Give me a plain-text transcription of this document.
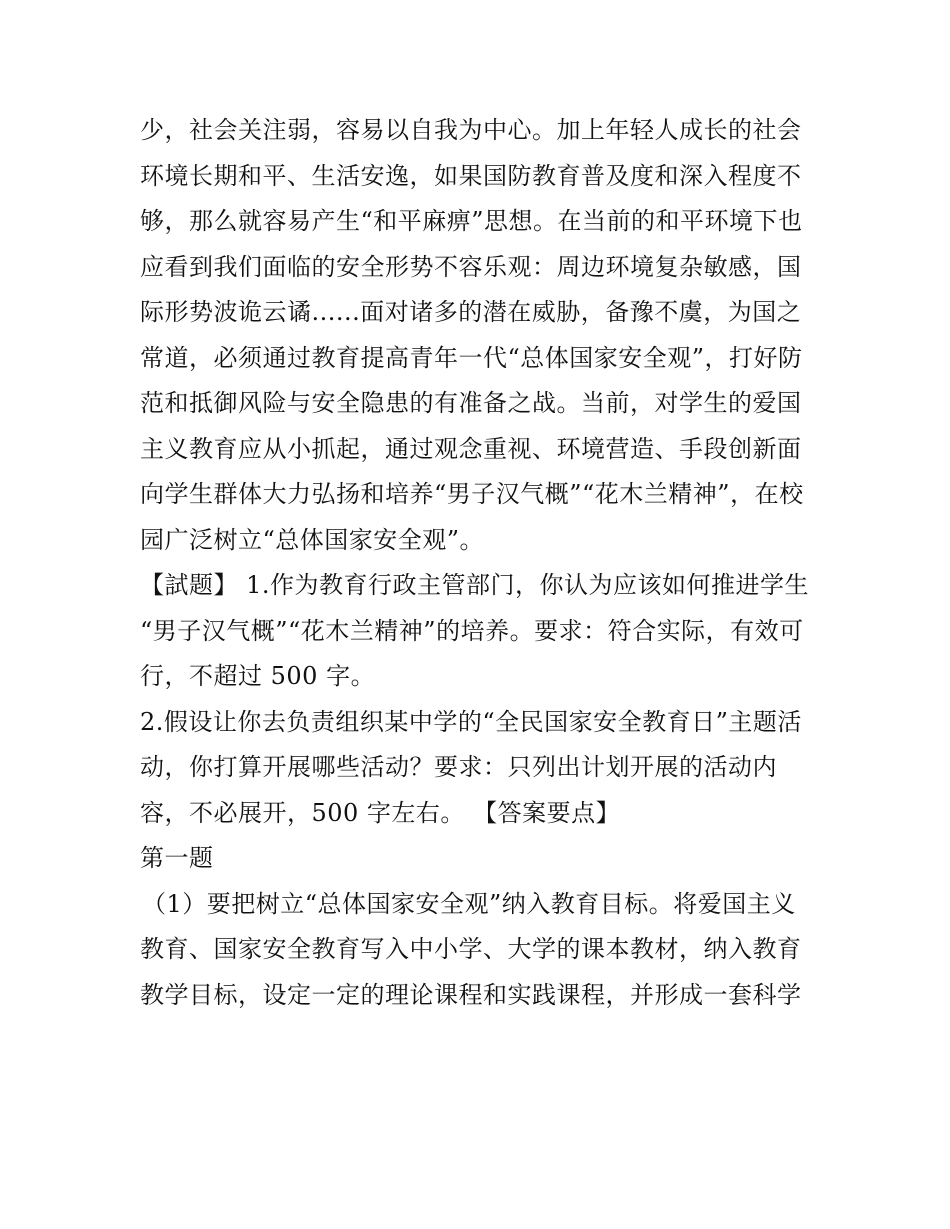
少，社会关注弱，容易以自我为中心。加上年轻人成长的社会
环境长期和平、生活安逸，如果国防教育普及度和深入程度不
够，那么就容易产生“和平麻痹”思想。在当前的和平环境下也
应看到我们面临的安全形势不容乐观：周边环境复杂敏感，国
际形势波诡云谲......面对诸多的潜在威胁，备豫不虞，为国之
常道，必须通过教育提高青年一代“总体国家安全观”，打好防
范和抵御风险与安全隐患的有准备之战。当前，对学生的爱国
主义教育应从小抓起，通过观念重视、环境营造、手段创新面
向学生群体大力弘扬和培养“男子汉气概”“花木兰精神”，在校
园广泛树立“总体国家安全观”。
【試题】 1.作为教育行政主管部门，你认为应该如何推进学生
“男子汉气概”“花木兰精神”的培养。要求：符合实际，有效可
行，不超过 500 字。
2.假设让你去负责组织某中学的“全民国家安全教育日”主题活
动，你打算开展哪些活动？要求：只列出计划开展的活动内
容，不必展开，500 字左右。 【答案要点】
第一题
（1）要把树立“总体国家安全观”纳入教育目标。将爱国主义
教育、国家安全教育写入中小学、大学的课本教材，纳入教育
教学目标，设定一定的理论课程和实践课程，并形成一套科学
